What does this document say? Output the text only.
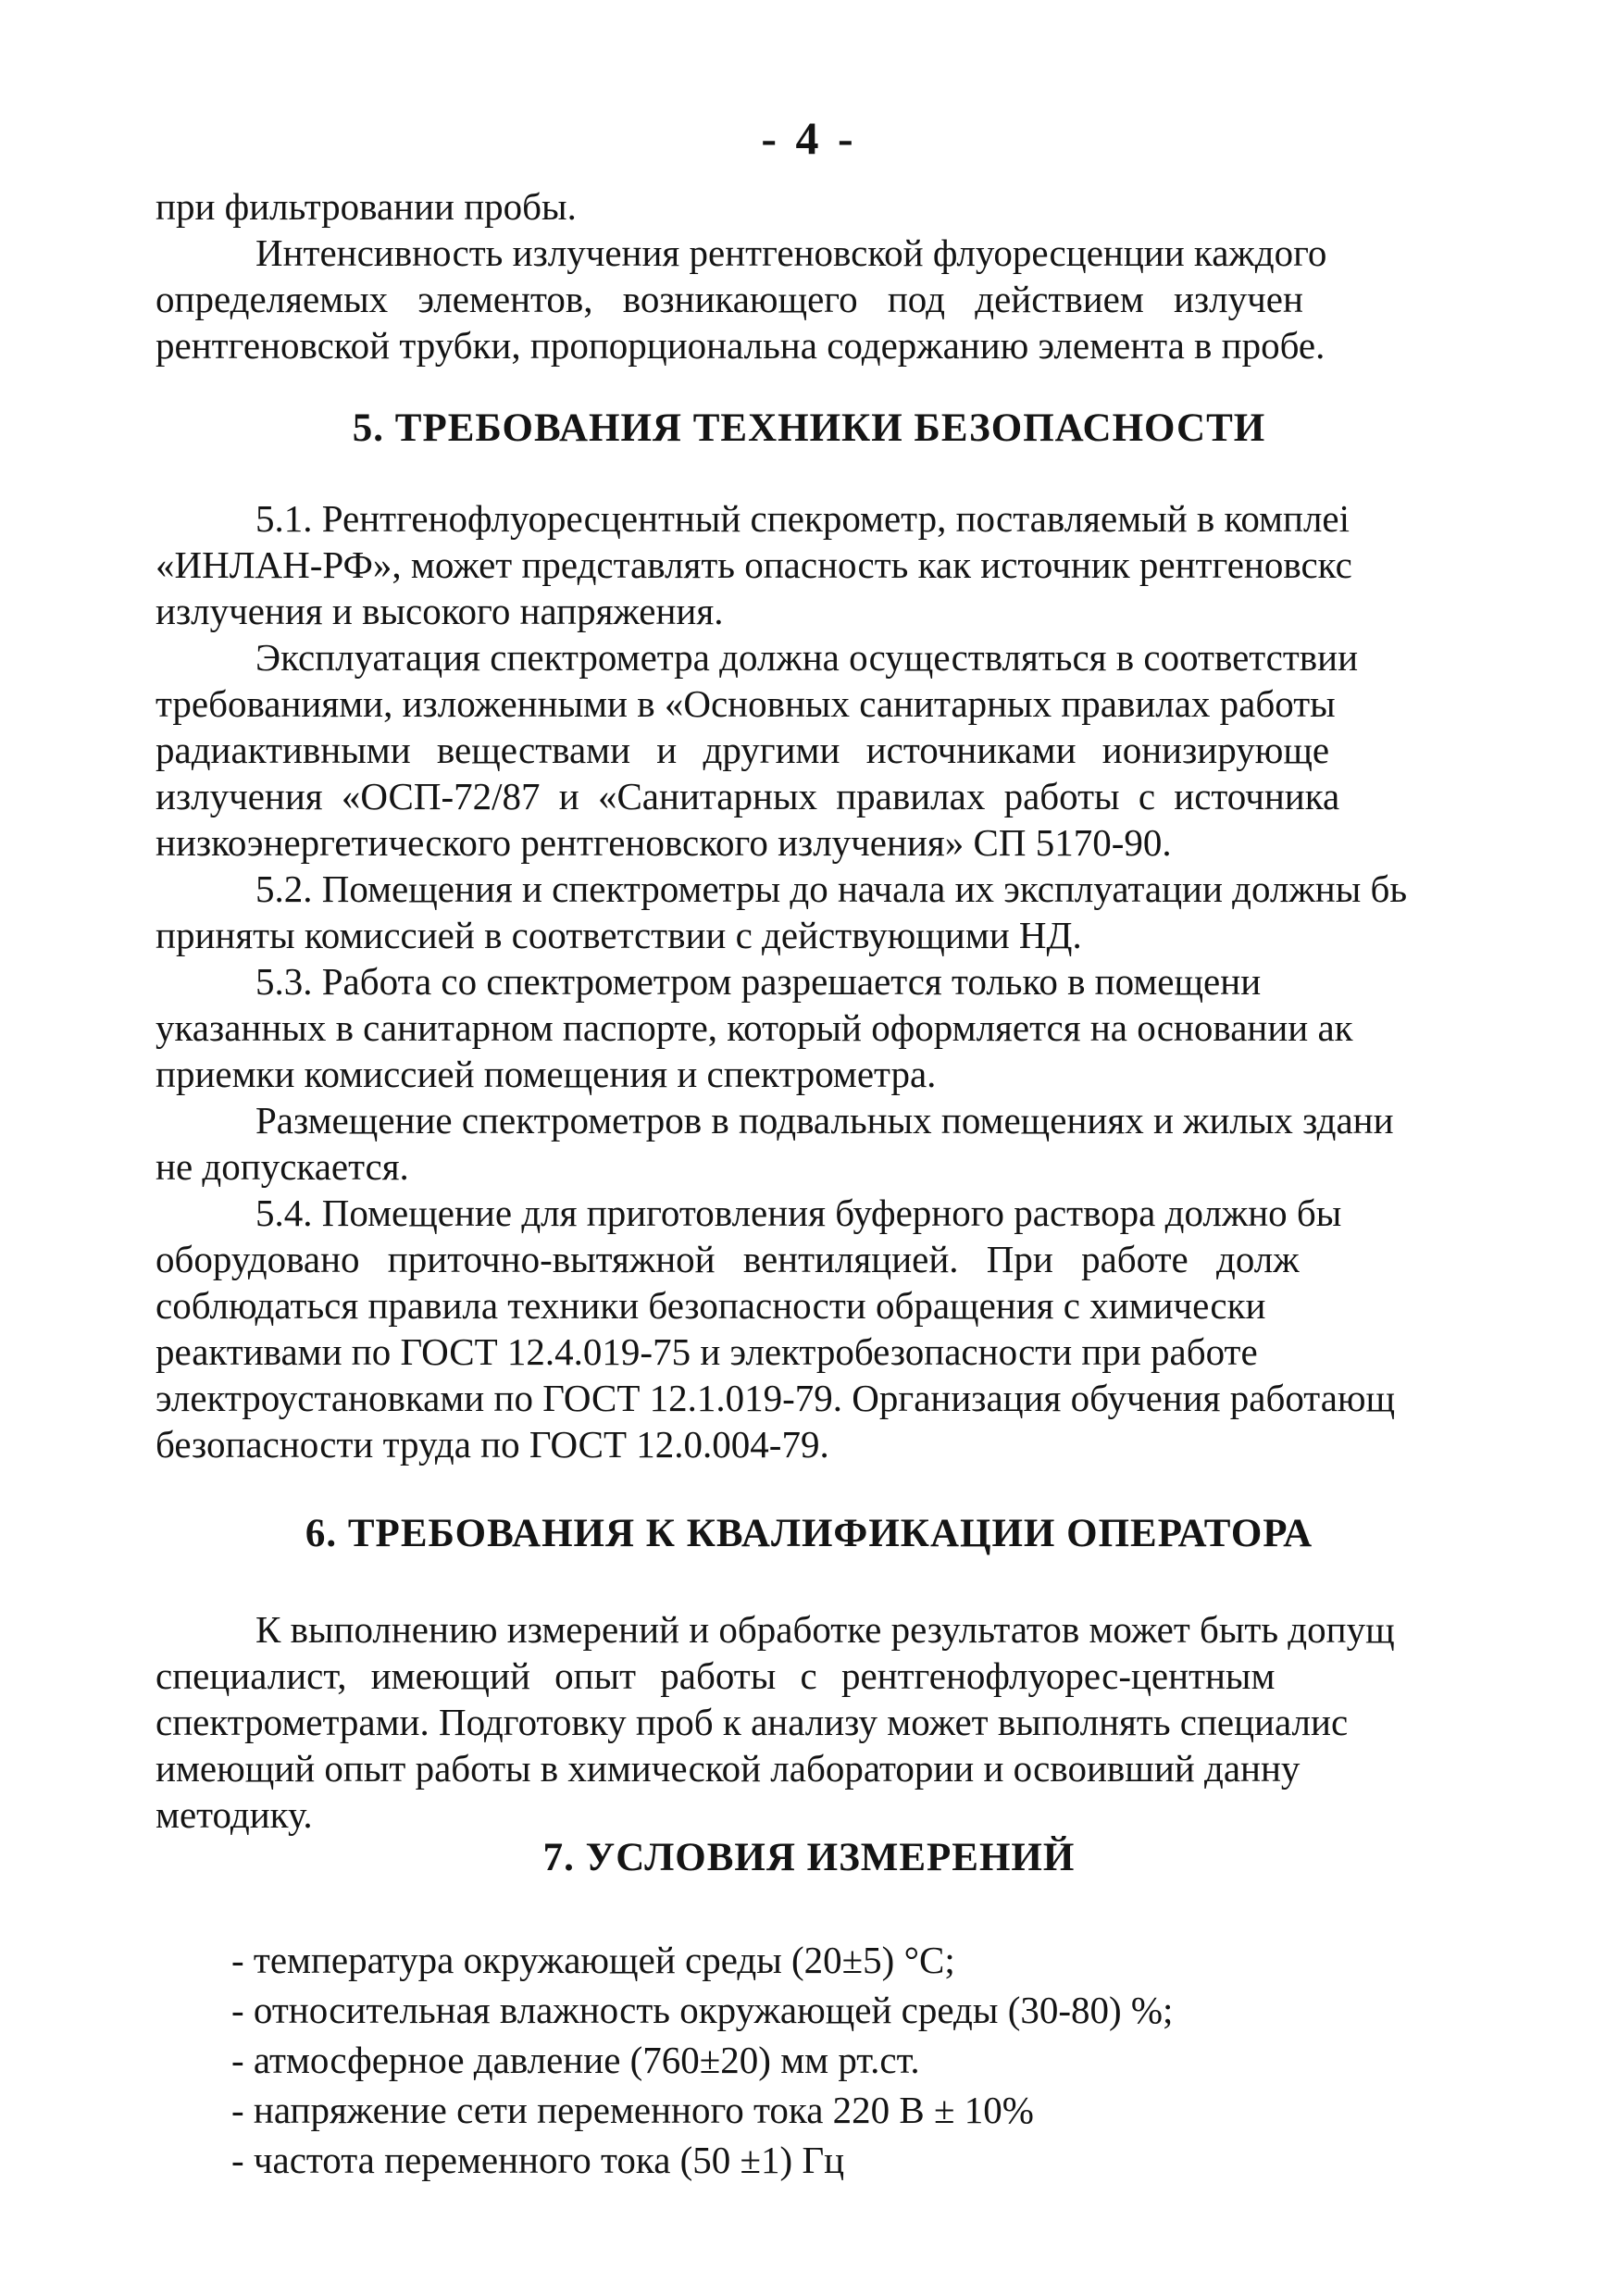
- 4 -
при фильтровании пробы.
Интенсивность излучения рентгеновской флуоресценции каждого
определяемых элементов, возникающего под действием излучен
рентгеновской трубки, пропорциональна содержанию элемента в пробе.
5. ТРЕБОВАНИЯ ТЕХНИКИ БЕЗОПАСНОСТИ
5.1. Рентгенофлуоресцентный спекрометр, поставляемый в комплеі
«ИНЛАН-РФ», может представлять опасность как источник рентгеновскс
излучения и высокого напряжения.
Эксплуатация спектрометра должна осуществляться в соответствии
требованиями, изложенными в «Основных санитарных правилах работы
радиактивными веществами и другими источниками ионизирующе
излучения «ОСП-72/87 и «Санитарных правилах работы с источника
низкоэнергетического рентгеновского излучения» СП 5170-90.
5.2. Помещения и спектрометры до начала их эксплуатации должны бь
приняты комиссией в соответствии с действующими НД.
5.3. Работа со спектрометром разрешается только в помещени
указанных в санитарном паспорте, который оформляется на основании ак
приемки комиссией помещения и спектрометра.
Размещение спектрометров в подвальных помещениях и жилых здани
не допускается.
5.4. Помещение для приготовления буферного раствора должно бы
оборудовано приточно-вытяжной вентиляцией. При работе долж
соблюдаться правила техники безопасности обращения с химически
реактивами по ГОСТ 12.4.019-75 и электробезопасности при работе
электроустановками по ГОСТ 12.1.019-79. Организация обучения работающ
безопасности труда по ГОСТ 12.0.004-79.
6. ТРЕБОВАНИЯ К КВАЛИФИКАЦИИ ОПЕРАТОРА
К выполнению измерений и обработке результатов может быть допущ
специалист, имеющий опыт работы с рентгенофлуорес-центным
спектрометрами. Подготовку проб к анализу может выполнять специалис
имеющий опыт работы в химической лаборатории и освоивший данну
методику.
7. УСЛОВИЯ ИЗМЕРЕНИЙ
- температура окружающей среды (20±5) °С;
- относительная влажность окружающей среды (30-80) %;
- атмосферное давление (760±20) мм рт.ст.
- напряжение сети переменного тока 220 В ± 10%
- частота переменного тока (50 ±1) Гц
